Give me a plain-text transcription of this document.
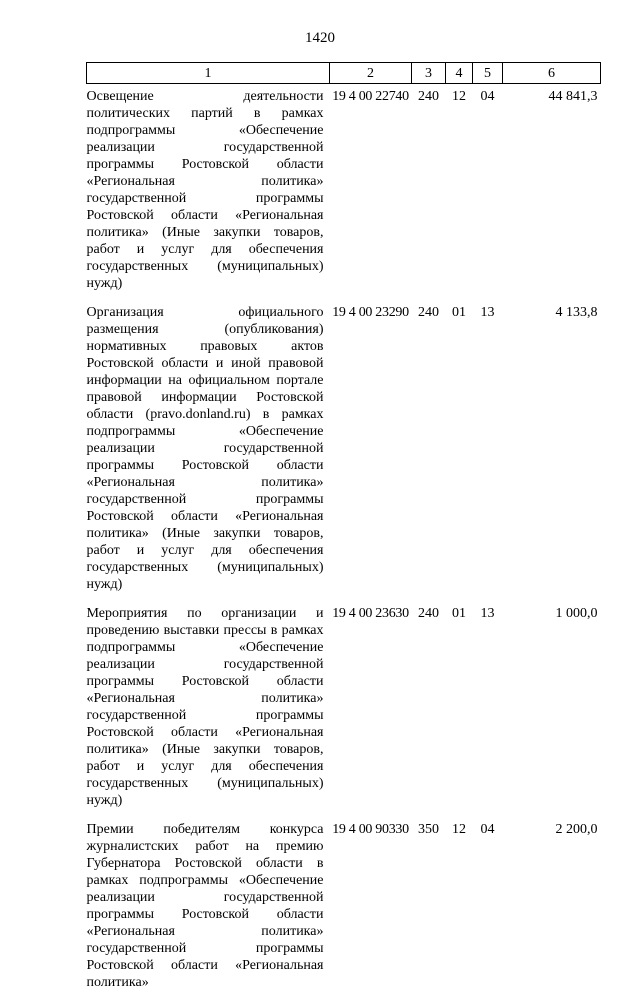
1420
1	2	3	4	5	6
Освещение деятельности политических партий в рамках подпрограммы «Обеспечение реализации государственной программы Ростовской области «Региональная политика» государственной программы Ростовской области «Региональная политика» (Иные закупки товаров, работ и услуг для обеспечения государственных (муниципальных) нужд)	19 4 00 22740	240	12	04	44 841,3
Организация официального размещения (опубликования) нормативных правовых актов Ростовской области и иной правовой информации на официальном портале правовой информации Ростовской области (pravo.donland.ru) в рамках подпрограммы «Обеспечение реализации государственной программы Ростовской области «Региональная политика» государственной программы Ростовской области «Региональная политика» (Иные закупки товаров, работ и услуг для обеспечения государственных (муниципальных) нужд)	19 4 00 23290	240	01	13	4 133,8
Мероприятия по организации и проведению выставки прессы в рамках подпрограммы «Обеспечение реализации государственной программы Ростовской области «Региональная политика» государственной программы Ростовской области «Региональная политика» (Иные закупки товаров, работ и услуг для обеспечения государственных (муниципальных) нужд)	19 4 00 23630	240	01	13	1 000,0
Премии победителям конкурса журналистских работ на премию Губернатора Ростовской области в рамках подпрограммы «Обеспечение реализации государственной программы Ростовской области «Региональная политика» государственной программы Ростовской области «Региональная политика»	19 4 00 90330	350	12	04	2 200,0
